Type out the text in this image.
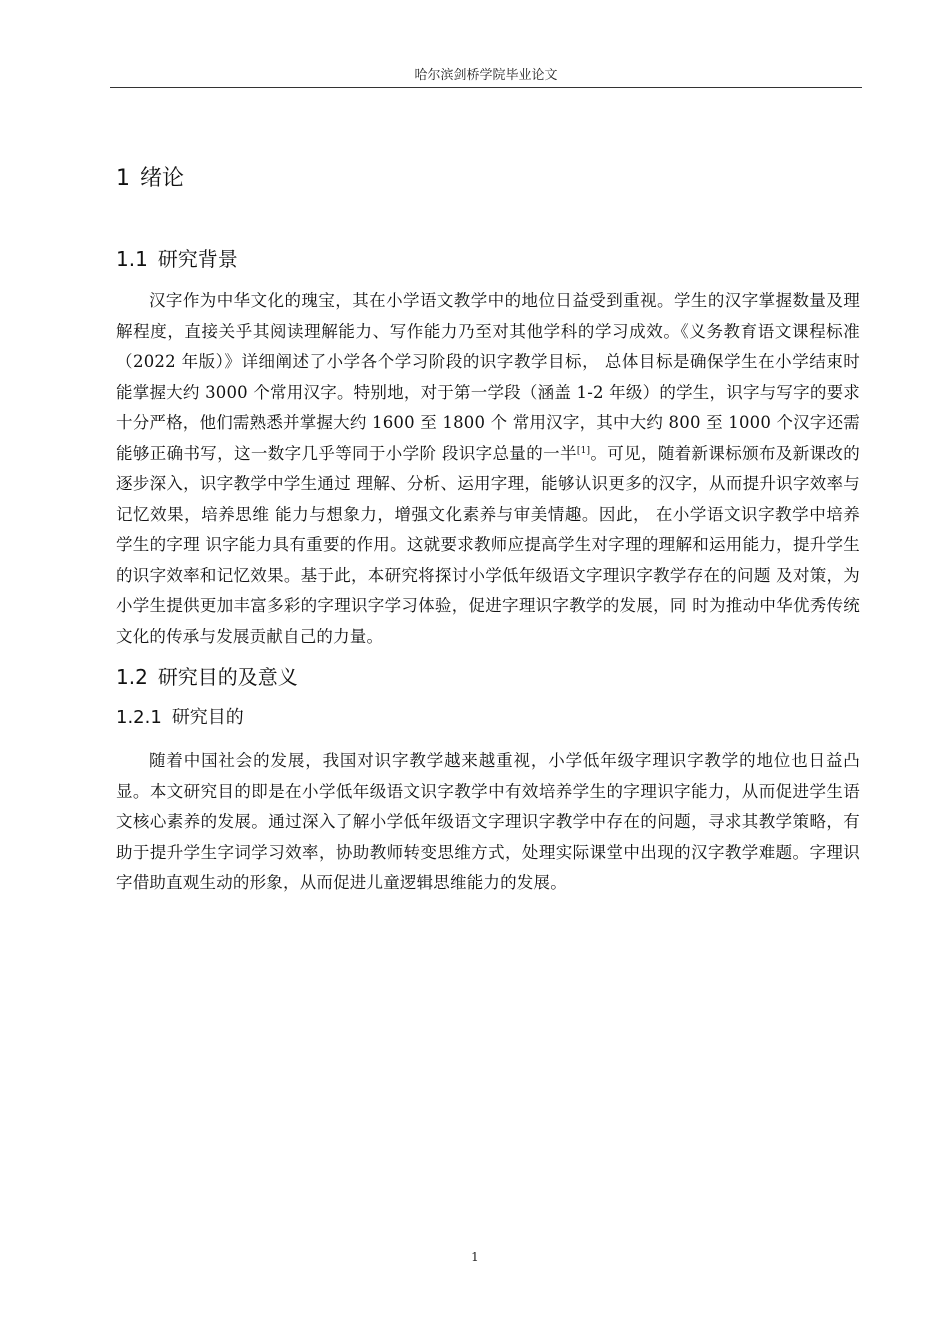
哈尔滨剑桥学院毕业论文
1 绪论
1.1 研究背景

汉字作为中华文化的瑰宝，其在小学语文教学中的地位日益受到重视。学生的汉字掌握数量及理解程度，直接关乎其阅读理解能力、写作能力乃至对其他学科的学习成效。《义务教育语文课程标准（2022 年版）》详细阐述了小学各个学习阶段的识字教学目标， 总体目标是确保学生在小学结束时能掌握大约 3000 个常用汉字。特别地，对于第一学段（涵盖 1-2 年级）的学生，识字与写字的要求十分严格，他们需熟悉并掌握大约 1600 至 1800 个 常用汉字，其中大约 800 至 1000 个汉字还需能够正确书写，这一数字几乎等同于小学阶 段识字总量的一半[1]。可见，随着新课标颁布及新课改的逐步深入，识字教学中学生通过 理解、分析、运用字理，能够认识更多的汉字，从而提升识字效率与记忆效果，培养思维 能力与想象力，增强文化素养与审美情趣。因此， 在小学语文识字教学中培养学生的字理 识字能力具有重要的作用。这就要求教师应提高学生对字理的理解和运用能力，提升学生 的识字效率和记忆效果。基于此，本研究将探讨小学低年级语文字理识字教学存在的问题 及对策，为小学生提供更加丰富多彩的字理识字学习体验，促进字理识字教学的发展，同 时为推动中华优秀传统文化的传承与发展贡献自己的力量。

1.2 研究目的及意义
1.2.1 研究目的

随着中国社会的发展，我国对识字教学越来越重视，小学低年级字理识字教学的地位也日益凸显。本文研究目的即是在小学低年级语文识字教学中有效培养学生的字理识字能力，从而促进学生语文核心素养的发展。通过深入了解小学低年级语文字理识字教学中存在的问题，寻求其教学策略，有助于提升学生字词学习效率，协助教师转变思维方式，处理实际课堂中出现的汉字教学难题。字理识字借助直观生动的形象，从而促进儿童逻辑思维能力的发展。

1
